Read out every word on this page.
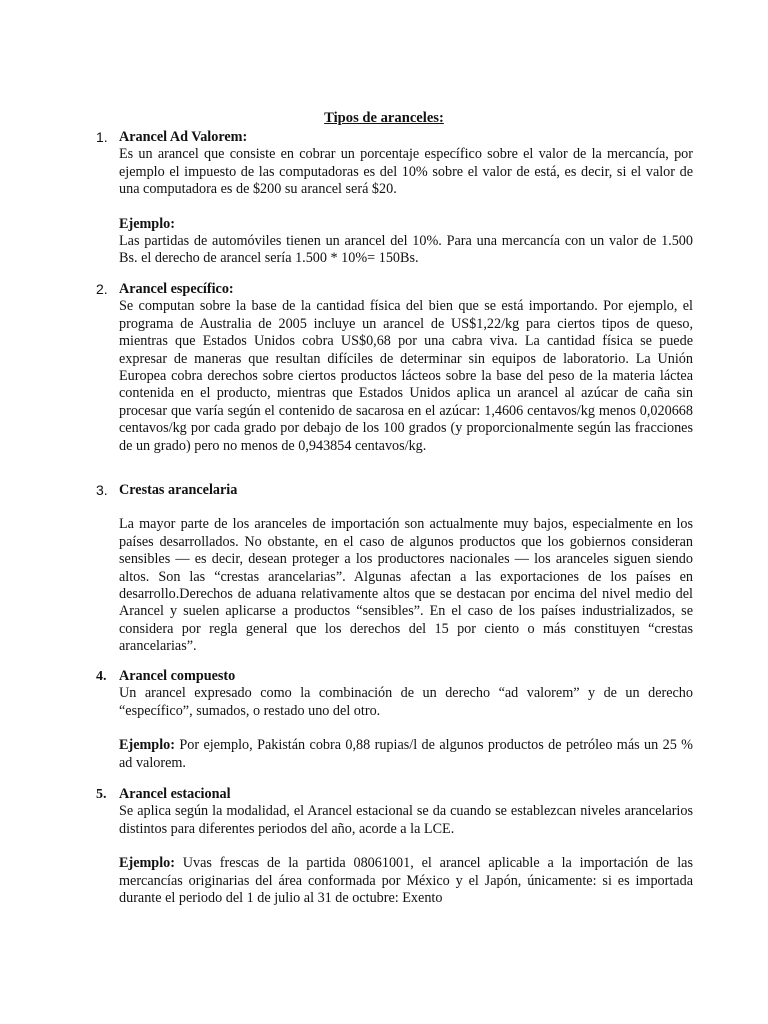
Tipos de aranceles:
1. Arancel Ad Valorem:

Es un arancel que consiste en cobrar un porcentaje específico sobre el valor de la mercancía, por ejemplo el impuesto de las computadoras es del 10% sobre el valor de está, es decir, si el valor de una computadora es de $200 su arancel será $20.

Ejemplo:

Las partidas de automóviles tienen un arancel del 10%. Para una mercancía con un valor de 1.500 Bs. el derecho de arancel sería 1.500 * 10%= 150Bs.

2. Arancel específico:

Se computan sobre la base de la cantidad física del bien que se está importando. Por ejemplo, el programa de Australia de 2005 incluye un arancel de US$1,22/kg para ciertos tipos de queso, mientras que Estados Unidos cobra US$0,68 por una cabra viva. La cantidad física se puede expresar de maneras que resultan difíciles de determinar sin equipos de laboratorio. La Unión Europea cobra derechos sobre ciertos productos lácteos sobre la base del peso de la materia láctea contenida en el producto, mientras que Estados Unidos aplica un arancel al azúcar de caña sin procesar que varía según el contenido de sacarosa en el azúcar: 1,4606 centavos/kg menos 0,020668 centavos/kg por cada grado por debajo de los 100 grados (y proporcionalmente según las fracciones de un grado) pero no menos de 0,943854 centavos/kg.

3. Crestas arancelaria

La mayor parte de los aranceles de importación son actualmente muy bajos, especialmente en los países desarrollados. No obstante, en el caso de algunos productos que los gobiernos consideran sensibles — es decir, desean proteger a los productores nacionales — los aranceles siguen siendo altos. Son las “crestas arancelarias”. Algunas afectan a las exportaciones de los países en desarrollo.Derechos de aduana relativamente altos que se destacan por encima del nivel medio del Arancel y suelen aplicarse a productos “sensibles”. En el caso de los países industrializados, se considera por regla general que los derechos del 15 por ciento o más constituyen “crestas arancelarias”.

4. Arancel compuesto

Un arancel expresado como la combinación de un derecho “ad valorem” y de un derecho “específico”, sumados, o restado uno del otro.

Ejemplo: Por ejemplo, Pakistán cobra 0,88 rupias/l de algunos productos de petróleo más un 25 % ad valorem.

5. Arancel estacional

Se aplica según la modalidad, el Arancel estacional se da cuando se establezcan niveles arancelarios distintos para diferentes periodos del año, acorde a la LCE.

Ejemplo: Uvas frescas de la partida 08061001, el arancel aplicable a la importación de las mercancías originarias del área conformada por México y el Japón, únicamente: si es importada durante el periodo del 1 de julio al 31 de octubre: Exento
